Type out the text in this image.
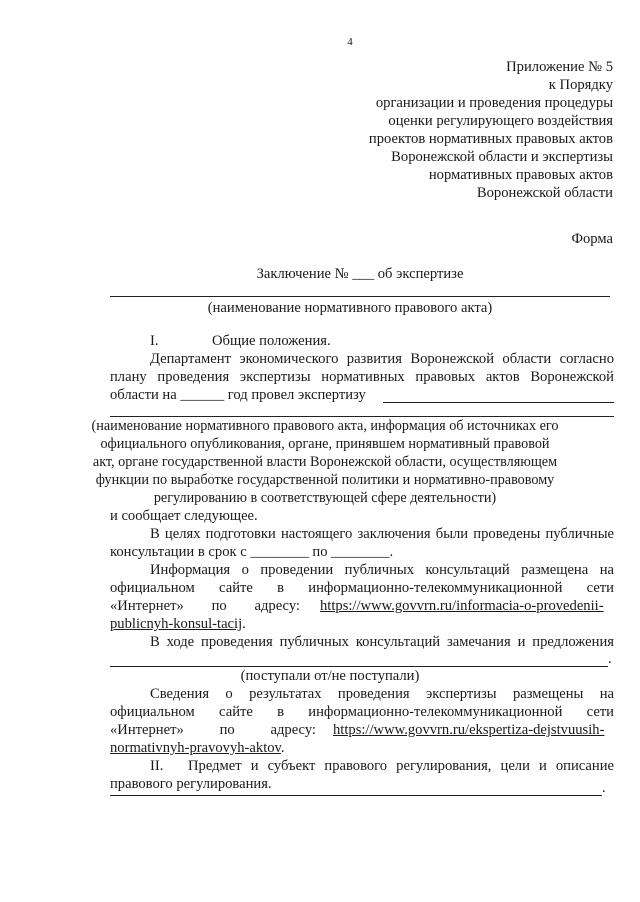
4
Приложение № 5
к Порядку
организации и проведения процедуры
оценки регулирующего воздействия
проектов нормативных правовых актов
Воронежской области и экспертизы
нормативных правовых актов
Воронежской области
Форма
Заключение № ___ об экспертизе
(наименование нормативного правового акта)
I.	Общие положения.
Департамент экономического развития Воронежской области согласно
плану проведения экспертизы нормативных правовых актов Воронежской
области на ______ год провел экспертизу
(наименование нормативного правового акта, информация об источниках его
официального опубликования, органе, принявшем нормативный правовой
акт, органе государственной власти Воронежской области, осуществляющем
функции по выработке государственной политики и нормативно-правовому
регулированию в соответствующей сфере деятельности)
и сообщает следующее.
В целях подготовки настоящего заключения были проведены публичные
консультации в срок с ________ по ________.
Информация о проведении публичных консультаций размещена на
официальном сайте в информационно-телекоммуникационной сети
«Интернет» по адресу: https://www.govvrn.ru/informacia-o-provedenii-
publicnyh-konsul-tacij.
В ходе проведения публичных консультаций замечания и предложения
.
(поступали от/не поступали)
Сведения о результатах проведения экспертизы размещены на
официальном сайте в информационно-телекоммуникационной сети
«Интернет» по адресу: https://www.govvrn.ru/ekspertiza-dejstvuusih-
normativnyh-pravovyh-aktov.
II. Предмет и субъект правового регулирования, цели и описание
правового регулирования.	.
